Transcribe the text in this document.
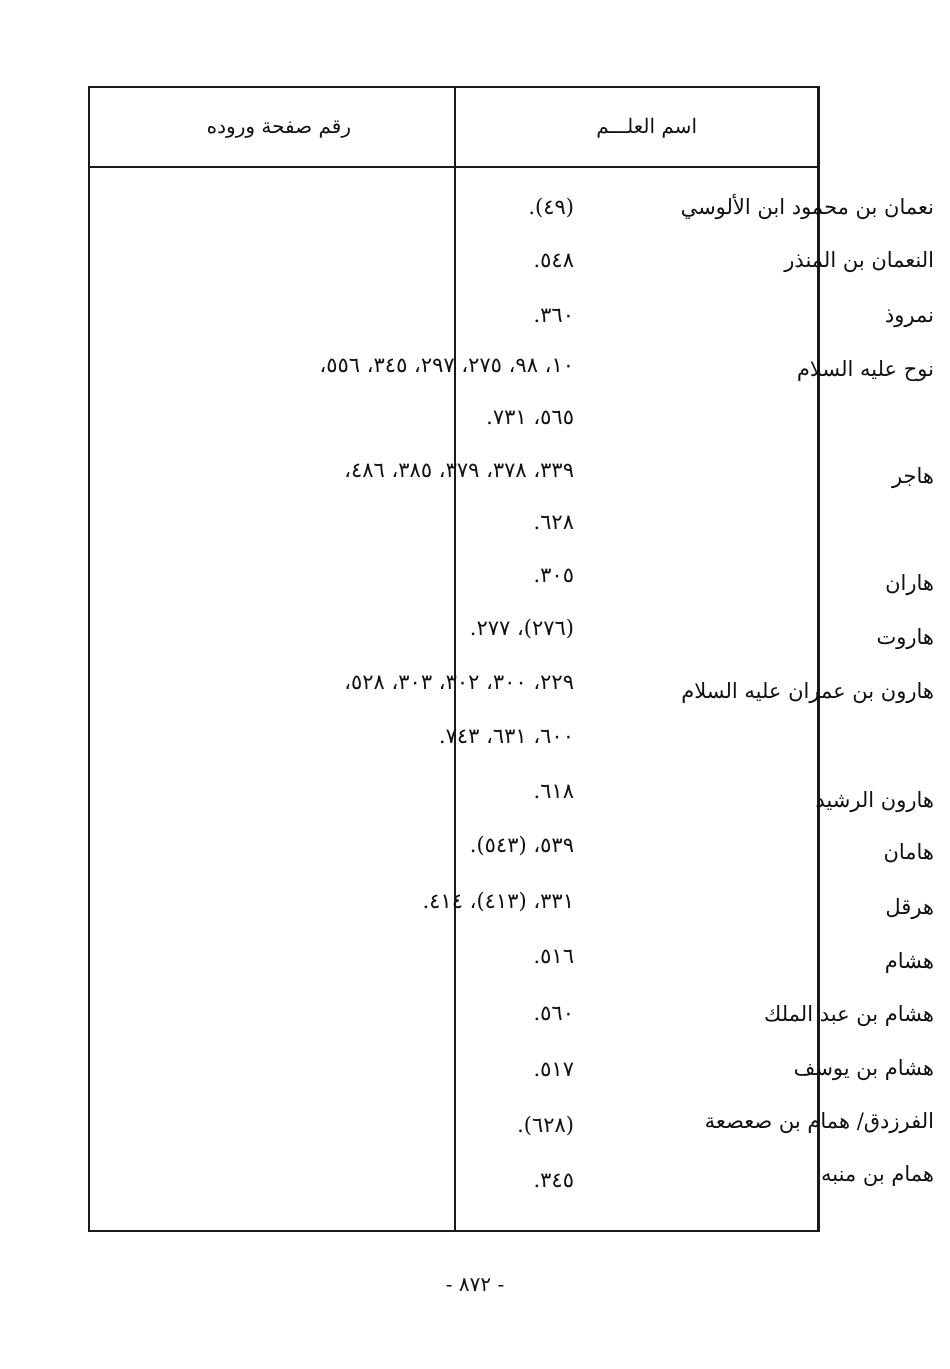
اسم العلـــم
رقم صفحة وروده
نعمان بن محمود ابن الألوسي
النعمان بن المنذر
نمروذ
نوح عليه السلام
هاجر
هاران
هاروت
هارون بن عمران عليه السلام
هارون الرشيد
هامان
هرقل
هشام
هشام بن عبد الملك
هشام بن يوسف
الفرزدق/ همام بن صعصعة
همام بن منبه
(٤٩).
٥٤٨.
٣٦٠.
١٠، ٩٨، ٢٧٥، ٢٩٧، ٣٤٥، ٥٥٦،
٥٦٥، ٧٣١.
٣٣٩، ٣٧٨، ٣٧٩، ٣٨٥، ٤٨٦،
٦٢٨.
٣٠٥.
(٢٧٦)، ٢٧٧.
٢٢٩، ٣٠٠، ٣٠٢، ٣٠٣، ٥٢٨،
٦٠٠، ٦٣١، ٧٤٣.
٦١٨.
٥٣٩، (٥٤٣).
٣٣١، (٤١٣)، ٤١٤.
٥١٦.
٥٦٠.
٥١٧.
(٦٢٨).
٣٤٥.
- ٨٧٢ -
